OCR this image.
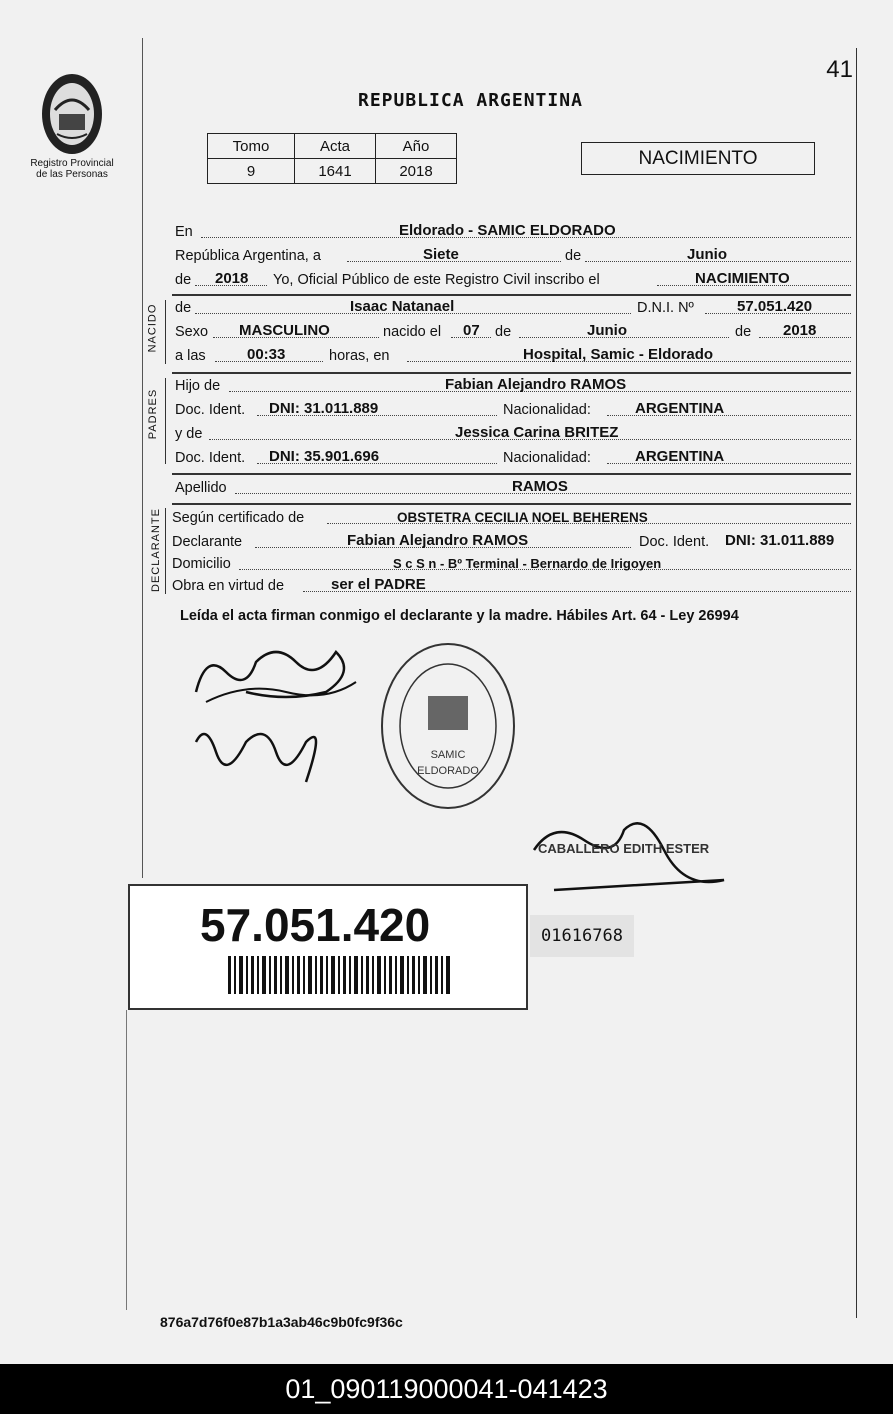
Registro Provincial
de las Personas
41
REPUBLICA ARGENTINA
Tomo	Acta	Año
9	1641	2018
NACIMIENTO
En	Eldorado - SAMIC ELDORADO
República Argentina, a	Siete	de	Junio
de 2018 Yo, Oficial Público de este Registro Civil inscribo el	NACIMIENTO
NACIDO de	Isaac Natanael	D.N.I. Nº	57.051.420
Sexo MASCULINO	nacido el 07 de	Junio	de 2018
a las	00:33	horas, en	Hospital, Samic - Eldorado
PADRES
Hijo de	Fabian Alejandro RAMOS
Doc. Ident. DNI: 31.011.889	Nacionalidad:	ARGENTINA
y de	Jessica Carina BRITEZ
Doc. Ident. DNI: 35.901.696	Nacionalidad:	ARGENTINA
Apellido	RAMOS
DECLARANTE Según certificado de	OBSTETRA CECILIA NOEL BEHERENS
Declarante	Fabian Alejandro RAMOS	Doc. Ident. DNI: 31.011.889
Domicilio	S c S n - Bº Terminal - Bernardo de Irigoyen
Obra en virtud de	ser el PADRE
Leída el acta firman conmigo el declarante y la madre. Hábiles Art. 64 - Ley 26994
SAMIC
ELDORADO
CABALLERO EDITH ESTER
57.051.420	01616768
876a7d76f0e87b1a3ab46c9b0fc9f36c
01_090119000041-041423
